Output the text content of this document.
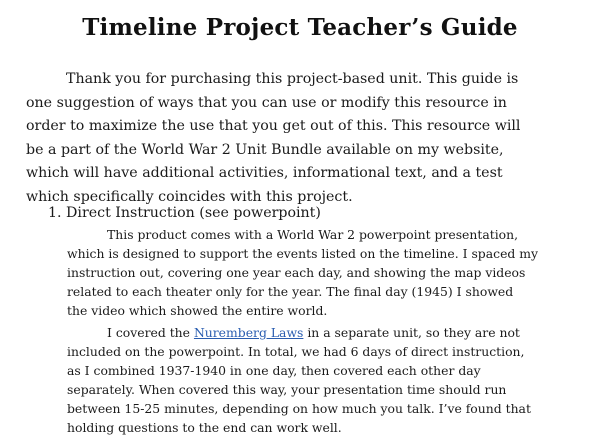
Timeline Project Teacher’s Guide
Thank you for purchasing this project-based unit. This guide is
one suggestion of ways that you can use or modify this resource in
order to maximize the use that you get out of this. This resource will
be a part of the World War 2 Unit Bundle available on my website,
which will have additional activities, informational text, and a test
which specifically coincides with this project.
1. Direct Instruction (see powerpoint)
This product comes with a World War 2 powerpoint presentation,
which is designed to support the events listed on the timeline. I spaced my
instruction out, covering one year each day, and showing the map videos
related to each theater only for the year. The final day (1945) I showed
the video which showed the entire world.
I covered the Nuremberg Laws in a separate unit, so they are not
included on the powerpoint. In total, we had 6 days of direct instruction,
as I combined 1937-1940 in one day, then covered each other day
separately. When covered this way, your presentation time should run
between 15-25 minutes, depending on how much you talk. I’ve found that
holding questions to the end can work well.
